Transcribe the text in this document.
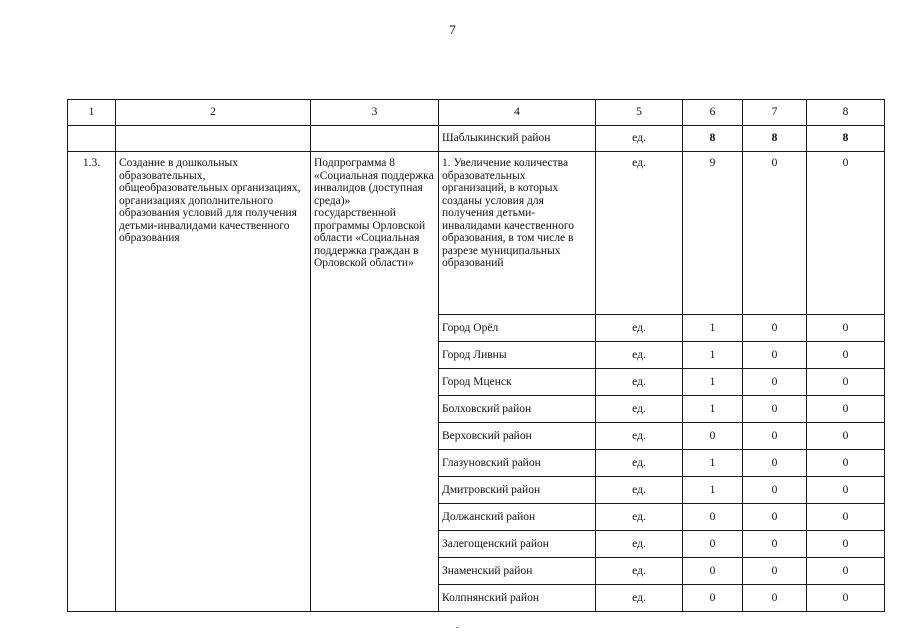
7
1	2	3	4	5	6	7	8
			Шаблыкинский район	ед.	8	8	8
1.3.	Создание в дошкольных образовательных, общеобразовательных организациях, организациях дополнительного образования условий для получения детьми-инвалидами качественного образования	Подпрограмма 8 «Социальная поддержка инвалидов (доступная среда)» государственной программы Орловской области «Социальная поддержка граждан в Орловской области»	1. Увеличение количества образовательных организаций, в которых созданы условия для получения детьми-инвалидами качественного образования, в том числе в разрезе муниципальных образований	ед.	9	0	0
			Город Орёл	ед.	1	0	0
			Город Ливны	ед.	1	0	0
			Город Мценск	ед.	1	0	0
			Болховский район	ед.	1	0	0
			Верховский район	ед.	0	0	0
			Глазуновский район	ед.	1	0	0
			Дмитровский район	ед.	1	0	0
			Должанский район	ед.	0	0	0
			Залегощенский район	ед.	0	0	0
			Знаменский район	ед.	0	0	0
			Колпнянский район	ед.	0	0	0
